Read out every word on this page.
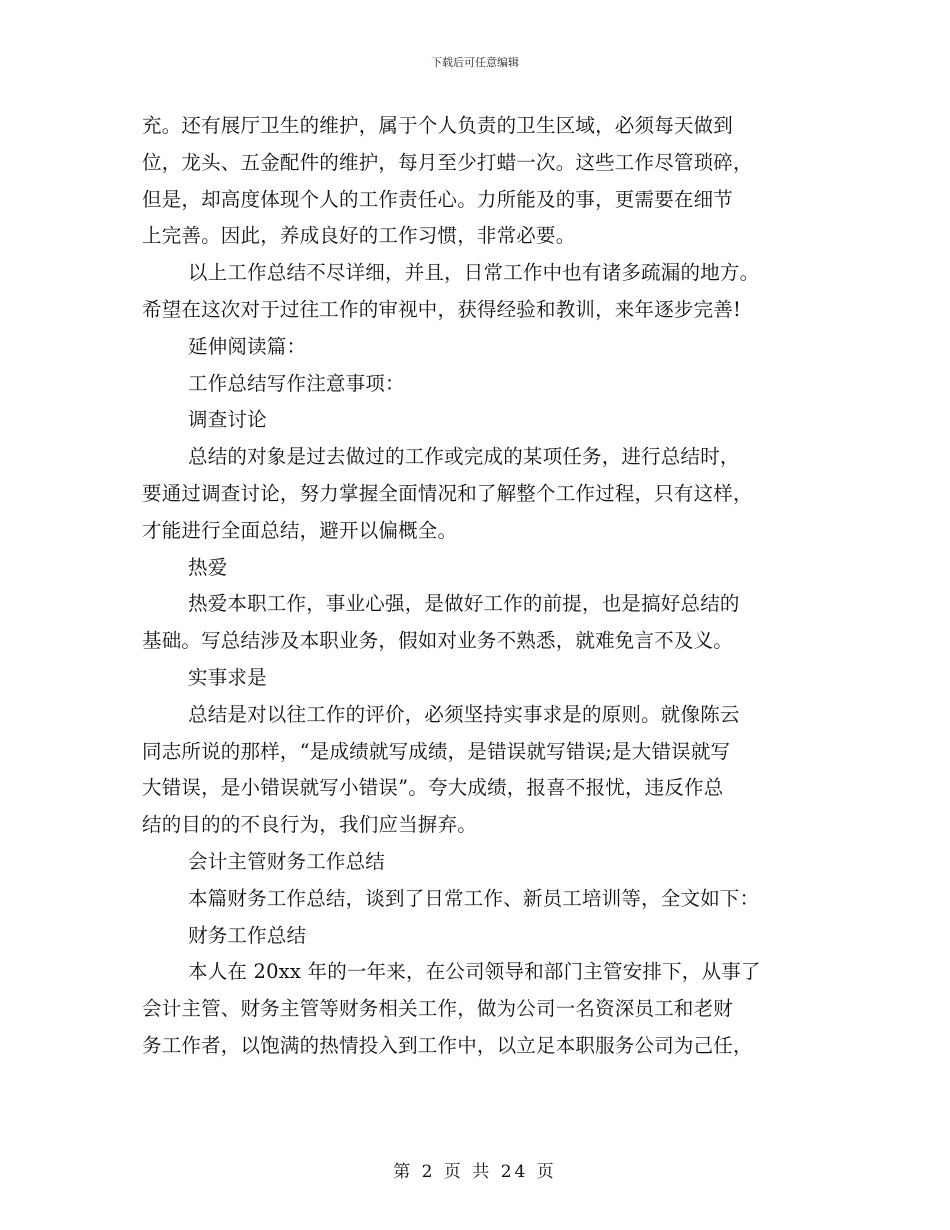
下载后可任意编辑
充。还有展厅卫生的维护，属于个人负责的卫生区域，必须每天做到
位，龙头、五金配件的维护，每月至少打蜡一次。这些工作尽管琐碎，
但是，却高度体现个人的工作责任心。力所能及的事，更需要在细节
上完善。因此，养成良好的工作习惯，非常必要。
以上工作总结不尽详细，并且，日常工作中也有诸多疏漏的地方。
希望在这次对于过往工作的审视中，获得经验和教训，来年逐步完善!
延伸阅读篇：
工作总结写作注意事项：
调查讨论
总结的对象是过去做过的工作或完成的某项任务，进行总结时，
要通过调查讨论，努力掌握全面情况和了解整个工作过程，只有这样，
才能进行全面总结，避开以偏概全。
热爱
热爱本职工作，事业心强，是做好工作的前提，也是搞好总结的
基础。写总结涉及本职业务，假如对业务不熟悉，就难免言不及义。
实事求是
总结是对以往工作的评价，必须坚持实事求是的原则。就像陈云
同志所说的那样，“是成绩就写成绩，是错误就写错误;是大错误就写
大错误，是小错误就写小错误”。夸大成绩，报喜不报忧，违反作总
结的目的的不良行为，我们应当摒弃。
会计主管财务工作总结
本篇财务工作总结，谈到了日常工作、新员工培训等，全文如下：
财务工作总结
本人在 20xx 年的一年来，在公司领导和部门主管安排下，从事了
会计主管、财务主管等财务相关工作，做为公司一名资深员工和老财
务工作者，以饱满的热情投入到工作中，以立足本职服务公司为己任，
第 2 页 共 24 页
